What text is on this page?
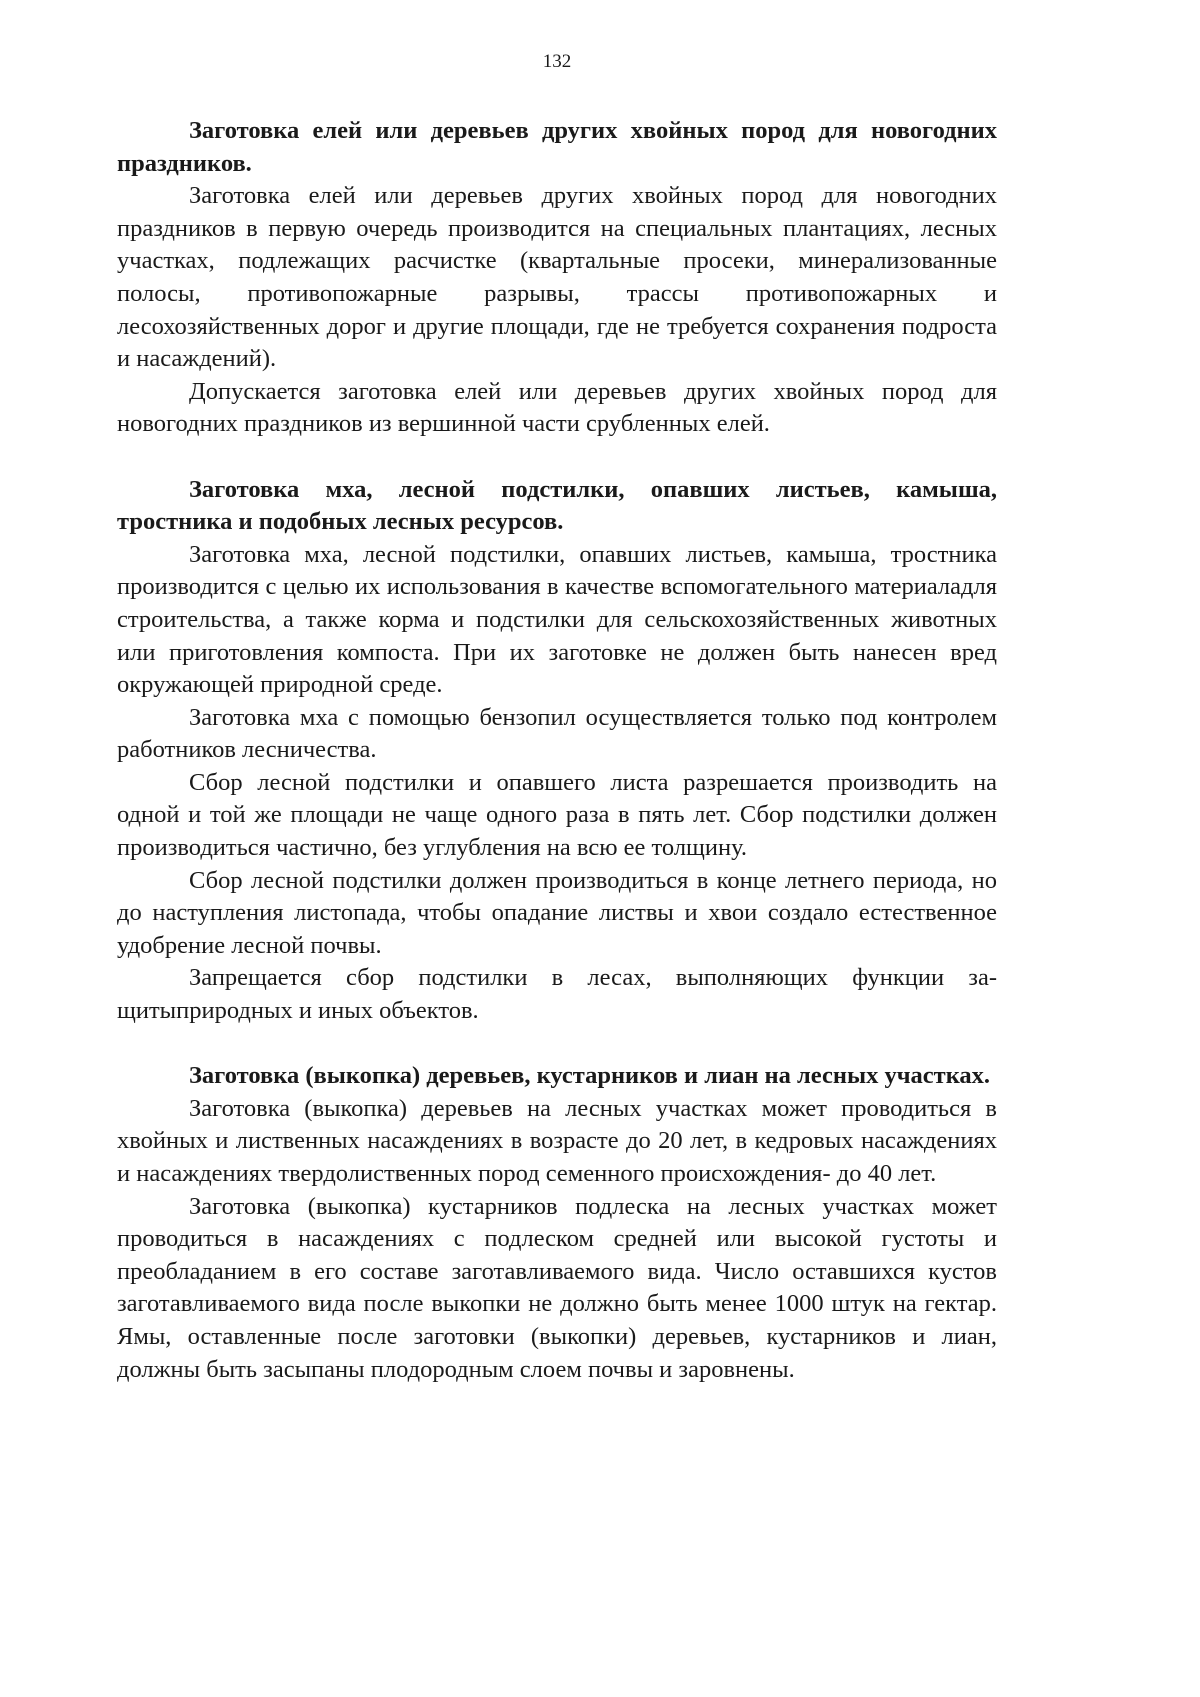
132
Заготовка елей или деревьев других хвойных пород для новогодних праздников.

Заготовка елей или деревьев других хвойных пород для новогодних праздников в первую очередь производится на специальных плантациях, лесных участках, подлежащих расчистке (квартальные просеки, минерализованные полосы, противопожарные разрывы, трассы противопожарных и лесохозяйственных дорог и другие площади, где не требуется сохранения подроста и насаждений).

Допускается заготовка елей или деревьев других хвойных пород для новогодних праздников из вершинной части срубленных елей.

Заготовка мха, лесной подстилки, опавших листьев, камыша, тростника и подобных лесных ресурсов.

Заготовка мха, лесной подстилки, опавших листьев, камыша, тростника производится с целью их использования в качестве вспомогательного материаладля строительства, а также корма и подстилки для сельскохозяйственных животных или приготовления компоста. При их заготовке не должен быть нанесен вред окружающей природной среде.

Заготовка мха с помощью бензопил осуществляется только под контролем работников лесничества.

Сбор лесной подстилки и опавшего листа разрешается производить на одной и той же площади не чаще одного раза в пять лет. Сбор подстилки должен производиться частично, без углубления на всю ее толщину.

Сбор лесной подстилки должен производиться в конце летнего периода, но до наступления листопада, чтобы опадание листвы и хвои создало естественное удобрение лесной почвы.

Запрещается сбор подстилки в лесах, выполняющих функции защитыприродных и иных объектов.

Заготовка (выкопка) деревьев, кустарников и лиан на лесных участках.

Заготовка (выкопка) деревьев на лесных участках может проводиться в хвойных и лиственных насаждениях в возрасте до 20 лет, в кедровых насаждениях и насаждениях твердолиственных пород семенного происхождения- до 40 лет.

Заготовка (выкопка) кустарников подлеска на лесных участках может проводиться в насаждениях с подлеском средней или высокой густоты и преобладанием в его составе заготавливаемого вида. Число оставшихся кустов заготавливаемого вида после выкопки не должно быть менее 1000 штук на гектар. Ямы, оставленные после заготовки (выкопки) деревьев, кустарников и лиан, должны быть засыпаны плодородным слоем почвы и заровнены.
